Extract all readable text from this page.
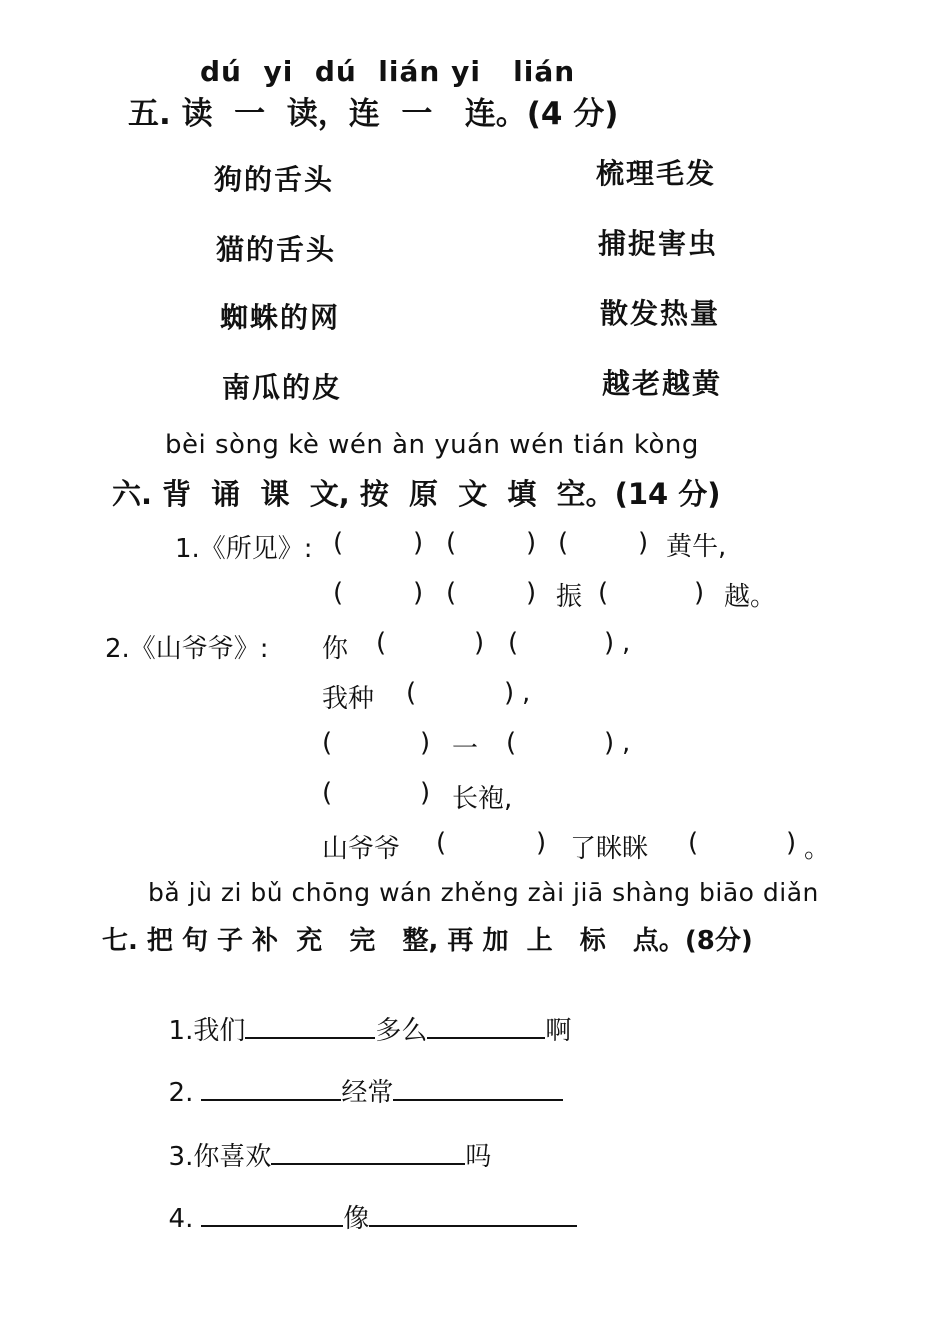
dú  yi  dú  lián yi   lián
五. 读  一  读，连  一   连。(4 分)
狗的舌头
猫的舌头
蜘蛛的网
南瓜的皮
梳理毛发
捕捉害虫
散发热量
越老越黄
bèi sòng kè wén àn yuán wén tián kòng
六. 背  诵  课  文, 按  原  文  填  空。(14 分)
1.《所见》: (	) (	) (	) 黄牛,
(	) (	) 振 (	) 越。
2.《山爷爷》: 你 (	) (	) ,
我种 (	) ,
(	) 一 (	) ,
(	) 长袍,
山爷爷 (	) 了眯眯 (	) 。
bǎ jù zi bǔ chōng wán zhěng zài jiā shàng biāo diǎn
七. 把 句 子 补  充   完   整, 再 加  上   标   点。(8分)

1.我们	多么	啊

2.	经常

3.你喜欢	吗

4.	像
